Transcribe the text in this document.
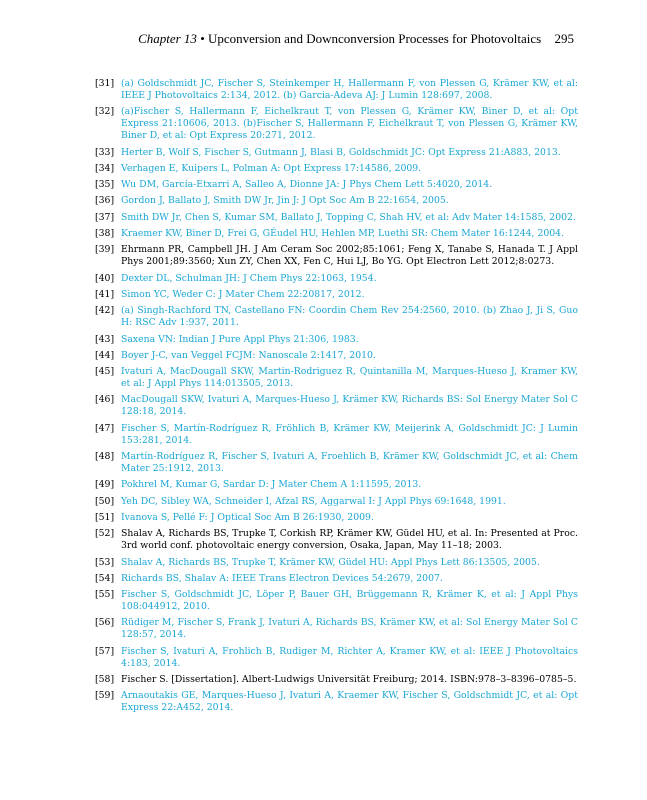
Chapter 13 • Upconversion and Downconversion Processes for Photovoltaics 295
[31] (a) Goldschmidt JC, Fischer S, Steinkemper H, Hallermann F, von Plessen G, Krämer KW, et al: IEEE J Photovoltaics 2:134, 2012. (b) Garcia-Adeva AJ: J Lumin 128:697, 2008.
[32] (a)Fischer S, Hallermann F, Eichelkraut T, von Plessen G, Krämer KW, Biner D, et al: Opt Express 21:10606, 2013. (b)Fischer S, Hallermann F, Eichelkraut T, von Plessen G, Krämer KW, Biner D, et al: Opt Express 20:271, 2012.
[33] Herter B, Wolf S, Fischer S, Gutmann J, Blasi B, Goldschmidt JC: Opt Express 21:A883, 2013.
[34] Verhagen E, Kuipers L, Polman A: Opt Express 17:14586, 2009.
[35] Wu DM, García-Etxarri A, Salleo A, Dionne JA: J Phys Chem Lett 5:4020, 2014.
[36] Gordon J, Ballato J, Smith DW Jr, Jin J: J Opt Soc Am B 22:1654, 2005.
[37] Smith DW Jr, Chen S, Kumar SM, Ballato J, Topping C, Shah HV, et al: Adv Mater 14:1585, 2002.
[38] Kraemer KW, Biner D, Frei G, GÉudel HU, Hehlen MP, Luethi SR: Chem Mater 16:1244, 2004.
[39] Ehrmann PR, Campbell JH. J Am Ceram Soc 2002;85:1061; Feng X, Tanabe S, Hanada T. J Appl Phys 2001;89:3560; Xun ZY, Chen XX, Fen C, Hui LJ, Bo YG. Opt Electron Lett 2012;8:0273.
[40] Dexter DL, Schulman JH: J Chem Phys 22:1063, 1954.
[41] Simon YC, Weder C: J Mater Chem 22:20817, 2012.
[42] (a) Singh-Rachford TN, Castellano FN: Coordin Chem Rev 254:2560, 2010. (b) Zhao J, Ji S, Guo H: RSC Adv 1:937, 2011.
[43] Saxena VN: Indian J Pure Appl Phys 21:306, 1983.
[44] Boyer J-C, van Veggel FCJM: Nanoscale 2:1417, 2010.
[45] Ivaturi A, MacDougall SKW, Martin-Rodriguez R, Quintanilla M, Marques-Hueso J, Kramer KW, et al: J Appl Phys 114:013505, 2013.
[46] MacDougall SKW, Ivaturi A, Marques-Hueso J, Krämer KW, Richards BS: Sol Energy Mater Sol C 128:18, 2014.
[47] Fischer S, Martín-Rodríguez R, Fröhlich B, Krämer KW, Meijerink A, Goldschmidt JC: J Lumin 153:281, 2014.
[48] Martín-Rodríguez R, Fischer S, Ivaturi A, Froehlich B, Krämer KW, Goldschmidt JC, et al: Chem Mater 25:1912, 2013.
[49] Pokhrel M, Kumar G, Sardar D: J Mater Chem A 1:11595, 2013.
[50] Yeh DC, Sibley WA, Schneider I, Afzal RS, Aggarwal I: J Appl Phys 69:1648, 1991.
[51] Ivanova S, Pellé F: J Optical Soc Am B 26:1930, 2009.
[52] Shalav A, Richards BS, Trupke T, Corkish RP, Krämer KW, Güdel HU, et al. In: Presented at Proc. 3rd world conf. photovoltaic energy conversion, Osaka, Japan, May 11–18; 2003.
[53] Shalav A, Richards BS, Trupke T, Krämer KW, Güdel HU: Appl Phys Lett 86:13505, 2005.
[54] Richards BS, Shalav A: IEEE Trans Electron Devices 54:2679, 2007.
[55] Fischer S, Goldschmidt JC, Löper P, Bauer GH, Brüggemann R, Krämer K, et al: J Appl Phys 108:044912, 2010.
[56] Rüdiger M, Fischer S, Frank J, Ivaturi A, Richards BS, Krämer KW, et al: Sol Energy Mater Sol C 128:57, 2014.
[57] Fischer S, Ivaturi A, Frohlich B, Rudiger M, Richter A, Kramer KW, et al: IEEE J Photovoltaics 4:183, 2014.
[58] Fischer S. [Dissertation]. Albert-Ludwigs Universität Freiburg; 2014. ISBN:978–3–8396–0785–5.
[59] Arnaoutakis GE, Marques-Hueso J, Ivaturi A, Kraemer KW, Fischer S, Goldschmidt JC, et al: Opt Express 22:A452, 2014.
